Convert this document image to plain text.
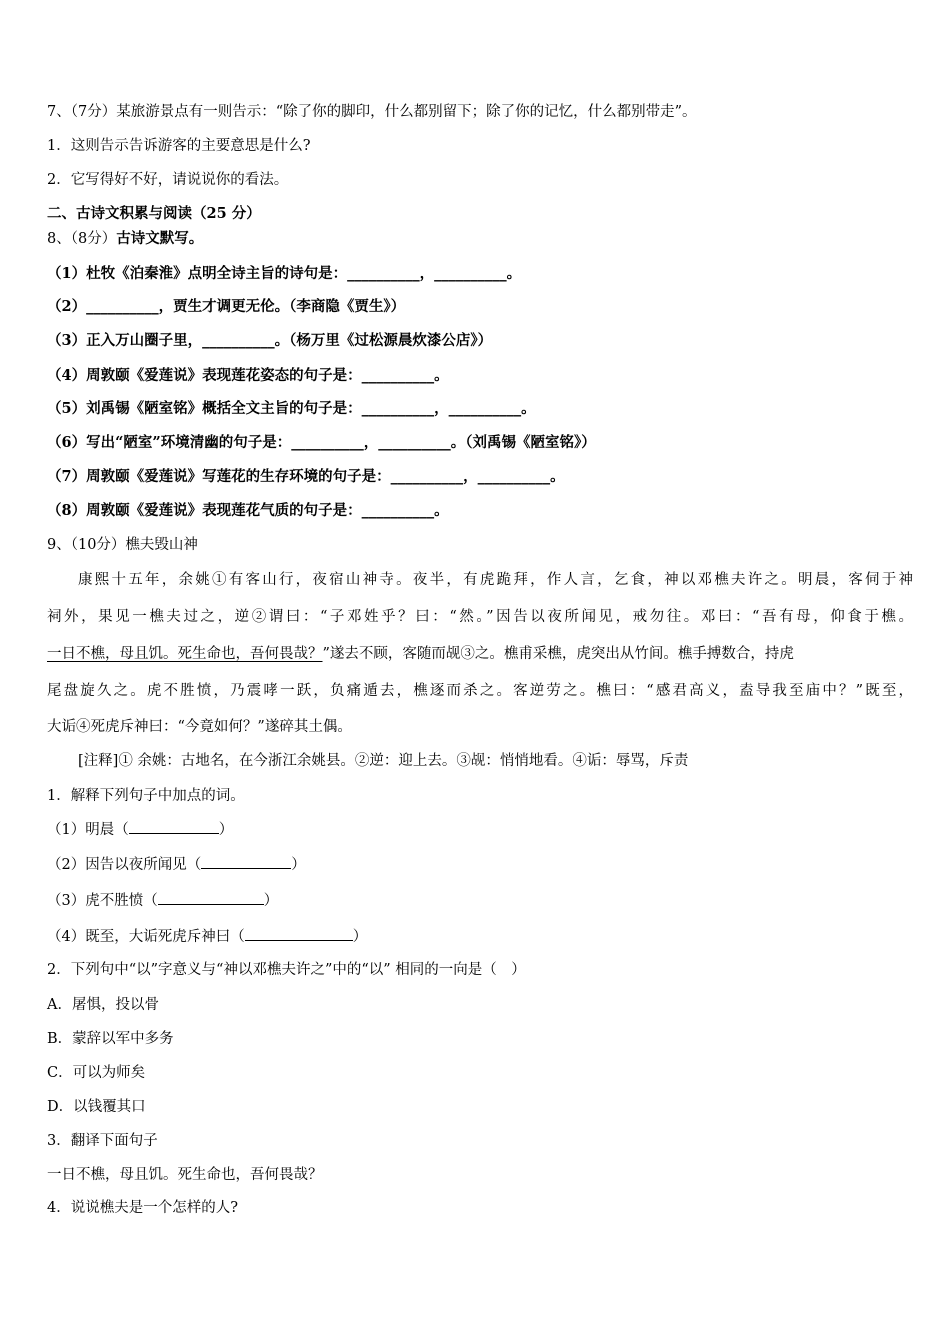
7、（7分）某旅游景点有一则告示：“除了你的脚印，什么都别留下；除了你的记忆，什么都别带走”。
1．这则告示告诉游客的主要意思是什么?
2．它写得好不好，请说说你的看法。
二、古诗文积累与阅读（25 分）
8、（8分）古诗文默写。
（1）杜牧《泊秦淮》点明全诗主旨的诗句是：__________，__________。
（2）__________，贾生才调更无伦。（李商隐《贾生》）
（3）正入万山圈子里，__________。（杨万里《过松源晨炊漆公店》）
（4）周敦颐《爱莲说》表现莲花姿态的句子是：__________。
（5）刘禹锡《陋室铭》概括全文主旨的句子是：__________，__________。
（6）写出“陋室”环境清幽的句子是：__________，__________。（刘禹锡《陋室铭》）
（7）周敦颐《爱莲说》写莲花的生存环境的句子是：__________，__________。
（8）周敦颐《爱莲说》表现莲花气质的句子是：__________。
9、（10分）樵夫毁山神
康熙十五年，余姚①有客山行，夜宿山神寺。夜半，有虎跪拜，作人言，乞食，神以邓樵夫许之。明晨，客伺于神
祠外，果见一樵夫过之，逆②谓曰：“子邓姓乎？曰：“然。”因告以夜所闻见，戒勿往。邓曰：“吾有母，仰食于樵。
一日不樵，母且饥。死生命也，吾何畏哉？”遂去不顾，客随而觇③之。樵甫采樵，虎突出从竹间。樵手搏数合，持虎
尾盘旋久之。虎不胜愤，乃震哮一跃，负痛遁去，樵逐而杀之。客逆劳之。樵曰：“感君高义，盍导我至庙中？”既至，
大诟④死虎斥神曰：“今竟如何？”遂碎其土偶。
[注释]① 余姚：古地名，在今浙江余姚县。②逆：迎上去。③觇：悄悄地看。④诟：辱骂，斥责
1．解释下列句子中加点的词。
（1）明晨（	）
（2）因告以夜所闻见（	）
（3）虎不胜愤（	）
（4）既至，大诟死虎斥神曰（	）
2．下列句中“以”字意义与“神以邓樵夫许之”中的“以” 相同的一向是（　）
A．屠惧，投以骨
B．蒙辞以军中多务
C．可以为师矣
D．以钱覆其口
3．翻译下面句子
一日不樵，母且饥。死生命也，吾何畏哉？
4．说说樵夫是一个怎样的人?
